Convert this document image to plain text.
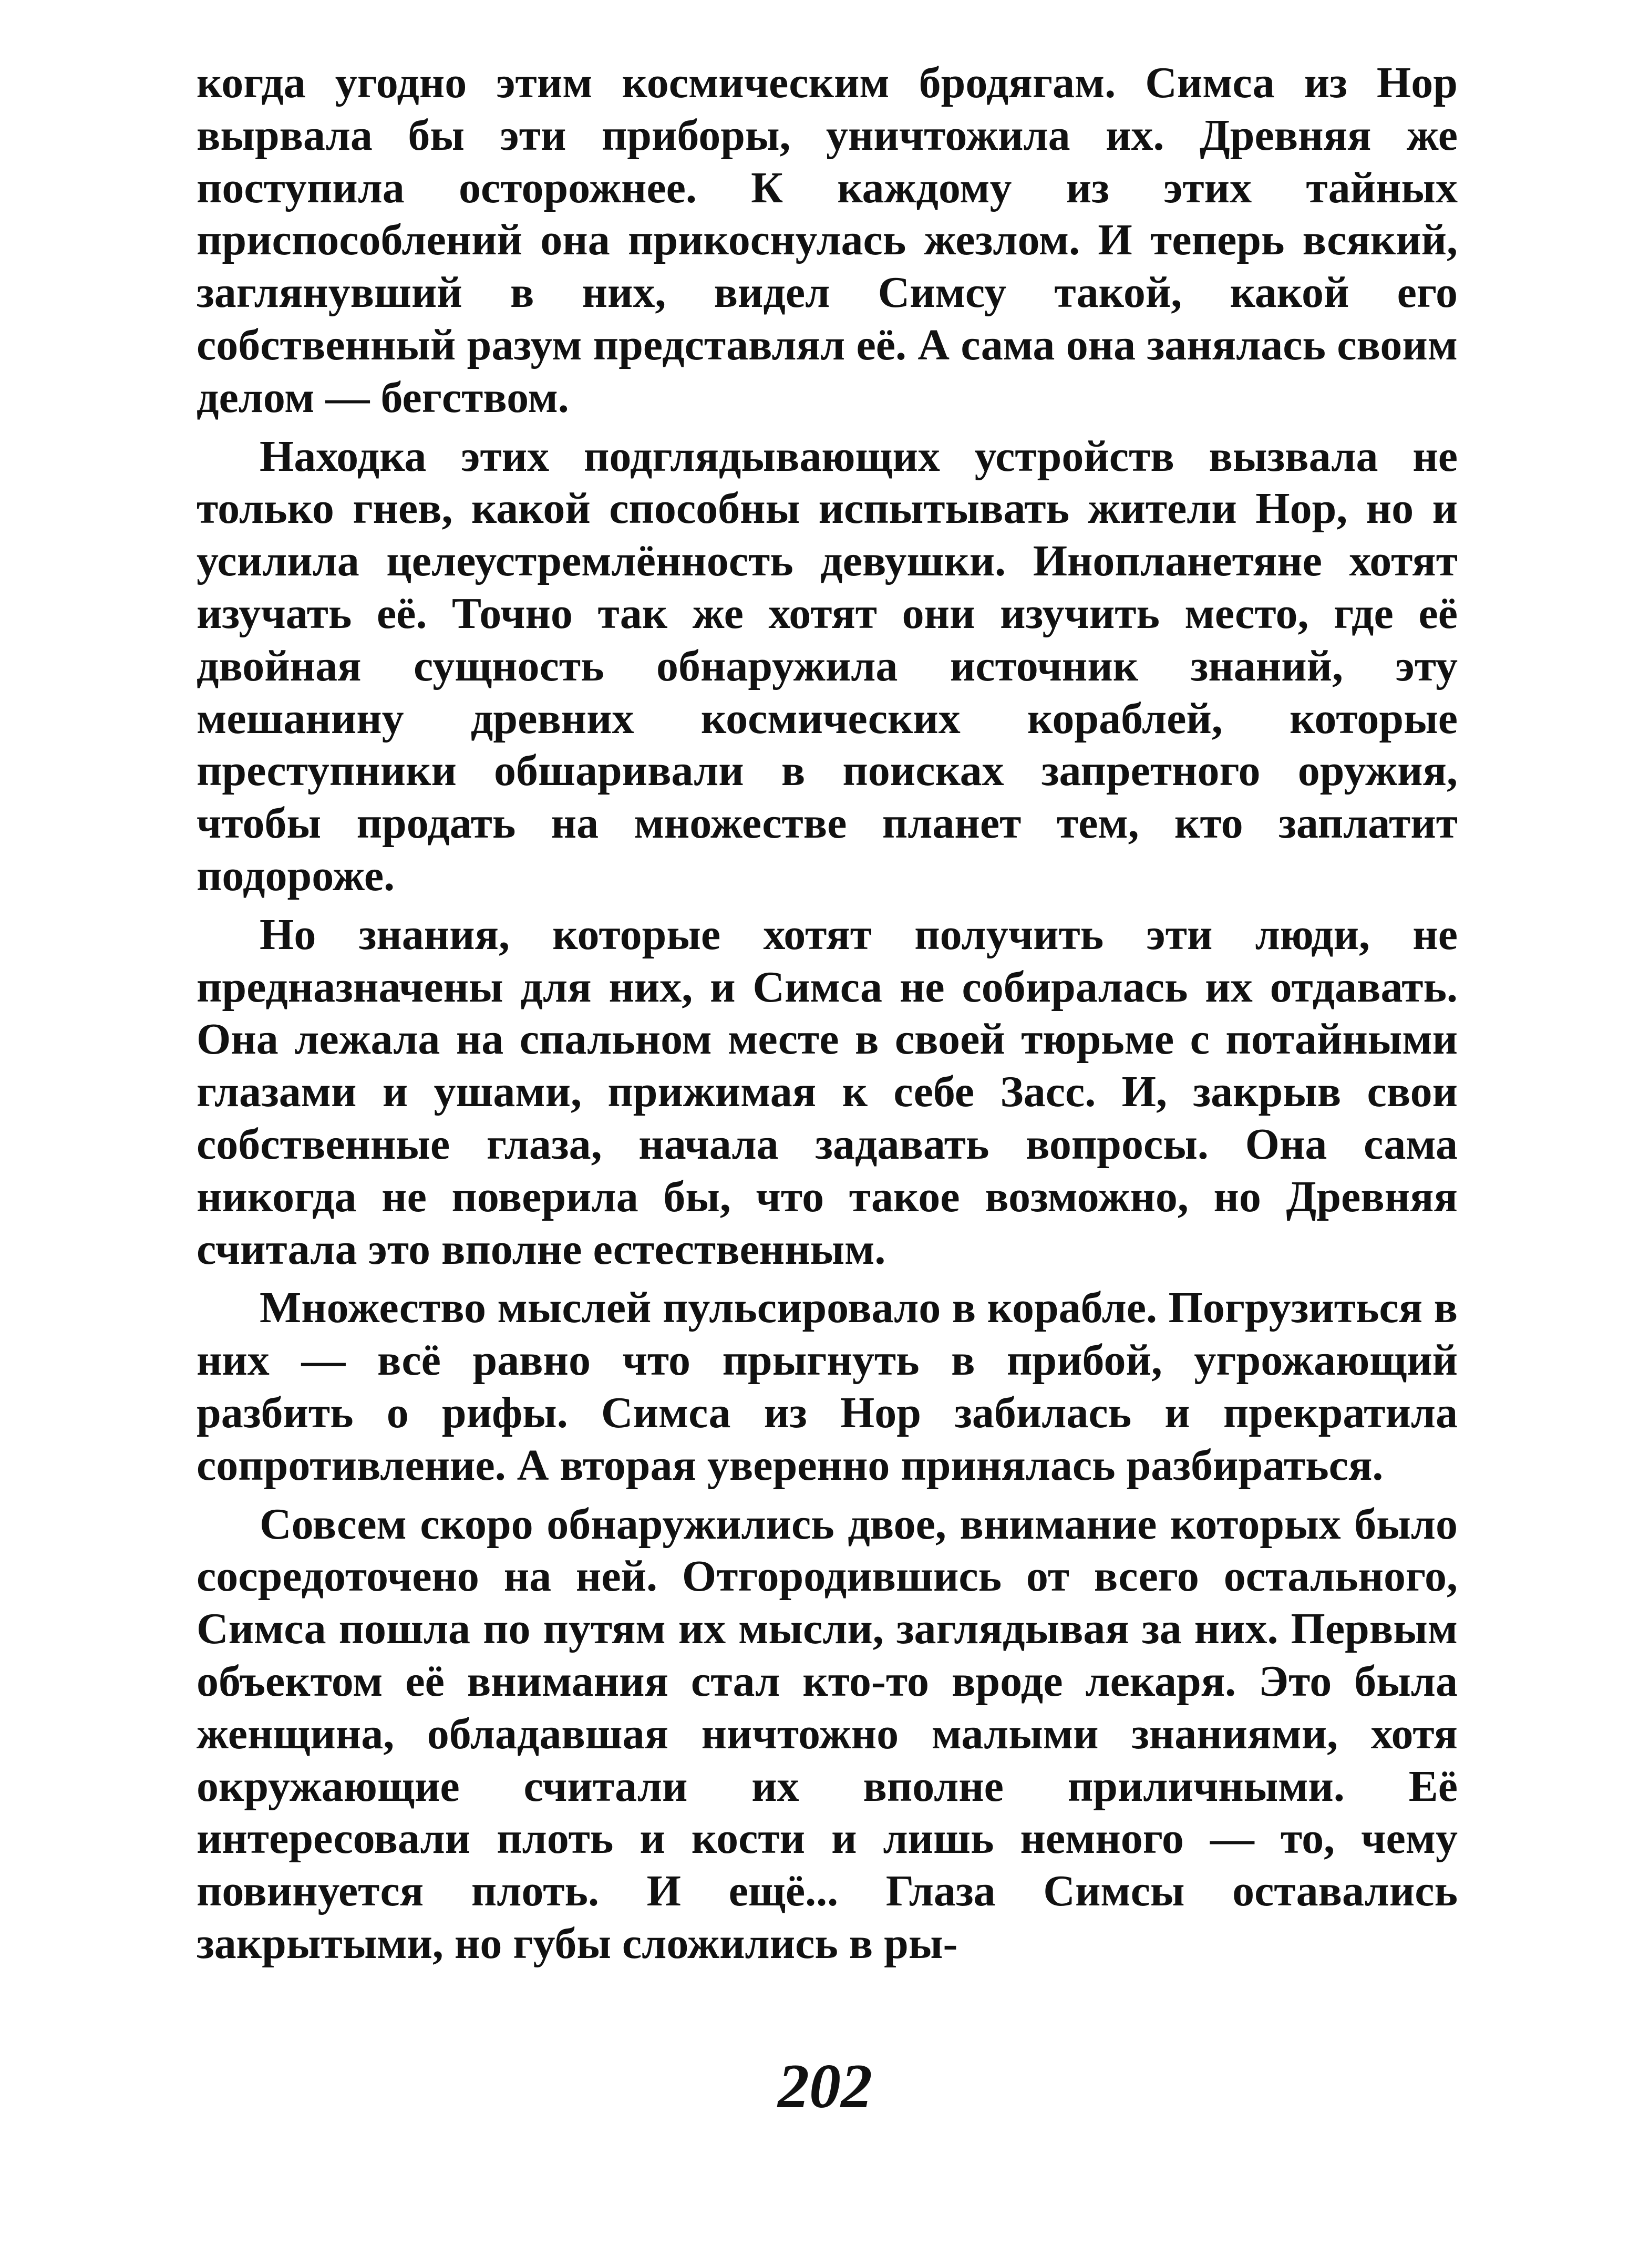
когда угодно этим космическим бродягам. Симса из Нор вырвала бы эти приборы, уничтожила их. Древняя же поступила осторожнее. К каждому из этих тайных приспособлений она прикоснулась жезлом. И теперь всякий, заглянувший в них, видел Симсу такой, какой его собственный разум представлял её. А сама она занялась своим делом — бегством.

Находка этих подглядывающих устройств вызвала не только гнев, какой способны испытывать жители Нор, но и усилила целеустремлённость девушки. Инопланетяне хотят изучать её. Точно так же хотят они изучить место, где её двойная сущность обнаружила источник знаний, эту мешанину древних космических кораблей, которые преступники обшаривали в поисках запретного оружия, чтобы продать на множестве планет тем, кто заплатит подороже.

Но знания, которые хотят получить эти люди, не предназначены для них, и Симса не собиралась их отдавать. Она лежала на спальном месте в своей тюрьме с потайными глазами и ушами, прижимая к себе Засс. И, закрыв свои собственные глаза, начала задавать вопросы. Она сама никогда не поверила бы, что такое возможно, но Древняя считала это вполне естественным.

Множество мыслей пульсировало в корабле. Погрузиться в них — всё равно что прыгнуть в прибой, угрожающий разбить о рифы. Симса из Нор забилась и прекратила сопротивление. А вторая уверенно принялась разбираться.

Совсем скоро обнаружились двое, внимание которых было сосредоточено на ней. Отгородившись от всего остального, Симса пошла по путям их мысли, заглядывая за них. Первым объектом её внимания стал кто-то вроде лекаря. Это была женщина, обладавшая ничтожно малыми знаниями, хотя окружающие считали их вполне приличными. Её интересовали плоть и кости и лишь немного — то, чему повинуется плоть. И ещё... Глаза Симсы оставались закрытыми, но губы сложились в ры-

202
